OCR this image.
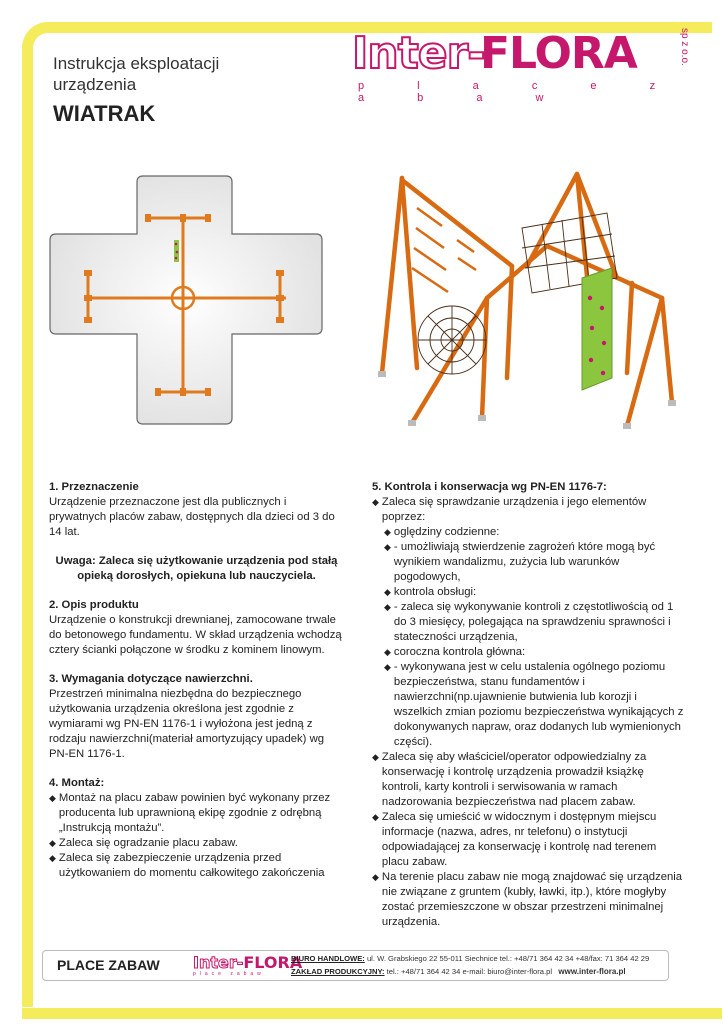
Instrukcja eksploatacji
urządzenia
WIATRAK
Inter-
FLORA
p l a c e z a b a w
sp z o.o.
1. Przeznaczenie

Urządzenie przeznaczone jest dla publicznych i prywatnych placów zabaw, dostępnych dla dzieci od 3 do 14 lat.

Uwaga: Zaleca się użytkowanie urządzenia pod stałą opieką dorosłych, opiekuna lub nauczyciela.

2. Opis produktu

Urządzenie o konstrukcji drewnianej, zamocowane trwale do betonowego fundamentu. W skład urządzenia wchodzą cztery ścianki połączone w środku z kominem linowym.

3. Wymagania dotyczące nawierzchni.

Przestrzeń minimalna niezbędna do bezpiecznego użytkowania urządzenia określona jest zgodnie z wymiarami wg PN-EN 1176-1 i wyłożona jest jedną z rodzaju nawierzchni(materiał amortyzujący upadek) wg PN-EN 1176-1.

4. Montaż:
◆ Montaż na placu zabaw powinien być wykonany przez producenta lub uprawnioną ekipę zgodnie z odrębną „Instrukcją montażu”.
◆ Zaleca się ogradzanie placu zabaw.
◆ Zaleca się zabezpieczenie urządzenia przed użytkowaniem do momentu całkowitego zakończenia
5. Kontrola i konserwacja wg PN-EN 1176-7:
◆ Zaleca się sprawdzanie urządzenia i jego elementów poprzez:
◆ oględziny codzienne:
◆ - umożliwiają stwierdzenie zagrożeń które mogą być wynikiem wandalizmu, zużycia lub warunków pogodowych,
◆ kontrola obsługi:
◆ - zaleca się wykonywanie kontroli z częstotliwością od 1 do 3 miesięcy, polegająca na sprawdzeniu sprawności i stateczności urządzenia,
◆ coroczna kontrola główna:
◆ - wykonywana jest w celu ustalenia ogólnego poziomu bezpieczeństwa, stanu fundamentów i nawierzchni(np.ujawnienie butwienia lub korozji i wszelkich zmian poziomu bezpieczeństwa wynikających z dokonywanych napraw, oraz dodanych lub wymienionych części).
◆ Zaleca się aby właściciel/operator odpowiedzialny za konserwację i kontrolę urządzenia prowadził książkę kontroli, karty kontroli i serwisowania w ramach nadzorowania bezpieczeństwa nad placem zabaw.
◆ Zaleca się umieścić w widocznym i dostępnym miejscu informacje (nazwa, adres, nr telefonu) o instytucji odpowiadającej za konserwację i kontrolę nad terenem placu zabaw.
◆ Na terenie placu zabaw nie mogą znajdować się urządzenia nie związane z gruntem (kubły, ławki, itp.), które mogłyby zostać przemieszczone w obszar przestrzeni minimalnej urządzenia.
PLACE ZABAW Inter-FLORA
place zabaw
BIURO HANDLOWE: ul. W. Grabskiego 22 55-011 Siechnice tel.: +48/71 364 42 34 +48/fax: 71 364 42 29
ZAKŁAD PRODUKCYJNY: tel.: +48/71 364 42 34 e-mail: biuro@inter-flora.pl www.inter-flora.pl
